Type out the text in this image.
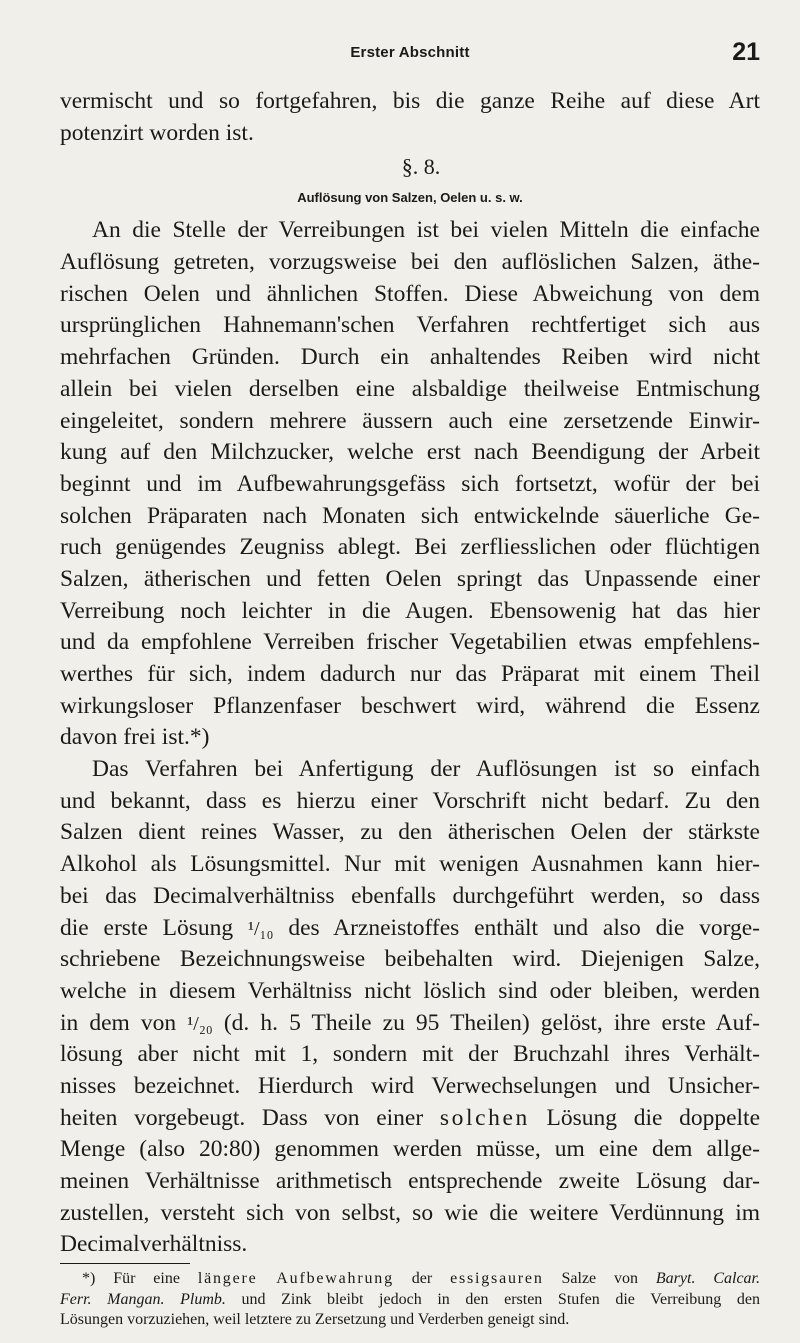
Erster Abschnitt	21
vermischt und so fortgefahren, bis die ganze Reihe auf diese Art
potenzirt worden ist.
§. 8.
Auflösung von Salzen, Oelen u. s. w.
An die Stelle der Verreibungen ist bei vielen Mitteln die einfache
Auflösung getreten, vorzugsweise bei den auflöslichen Salzen, äthe-
rischen Oelen und ähnlichen Stoffen. Diese Abweichung von dem
ursprünglichen Hahnemann'schen Verfahren rechtfertiget sich aus
mehrfachen Gründen. Durch ein anhaltendes Reiben wird nicht
allein bei vielen derselben eine alsbaldige theilweise Entmischung
eingeleitet, sondern mehrere äussern auch eine zersetzende Einwir-
kung auf den Milchzucker, welche erst nach Beendigung der Arbeit
beginnt und im Aufbewahrungsgefäss sich fortsetzt, wofür der bei
solchen Präparaten nach Monaten sich entwickelnde säuerliche Ge-
ruch genügendes Zeugniss ablegt. Bei zerfliesslichen oder flüchtigen
Salzen, ätherischen und fetten Oelen springt das Unpassende einer
Verreibung noch leichter in die Augen. Ebensowenig hat das hier
und da empfohlene Verreiben frischer Vegetabilien etwas empfehlens-
werthes für sich, indem dadurch nur das Präparat mit einem Theil
wirkungsloser Pflanzenfaser beschwert wird, während die Essenz
davon frei ist.*)
Das Verfahren bei Anfertigung der Auflösungen ist so einfach
und bekannt, dass es hierzu einer Vorschrift nicht bedarf. Zu den
Salzen dient reines Wasser, zu den ätherischen Oelen der stärkste
Alkohol als Lösungsmittel. Nur mit wenigen Ausnahmen kann hier-
bei das Decimalverhältniss ebenfalls durchgeführt werden, so dass
die erste Lösung ¹/₁₀ des Arzneistoffes enthält und also die vorge-
schriebene Bezeichnungsweise beibehalten wird. Diejenigen Salze,
welche in diesem Verhältniss nicht löslich sind oder bleiben, werden
in dem von ¹/₂₀ (d. h. 5 Theile zu 95 Theilen) gelöst, ihre erste Auf-
lösung aber nicht mit 1, sondern mit der Bruchzahl ihres Verhält-
nisses bezeichnet. Hierdurch wird Verwechselungen und Unsicher-
heiten vorgebeugt. Dass von einer solchen Lösung die doppelte
Menge (also 20:80) genommen werden müsse, um eine dem allge-
meinen Verhältnisse arithmetisch entsprechende zweite Lösung dar-
zustellen, versteht sich von selbst, so wie die weitere Verdünnung im
Decimalverhältniss.
*) Für eine längere Aufbewahrung der essigsauren Salze von Baryt. Calcar.
Ferr. Mangan. Plumb. und Zink bleibt jedoch in den ersten Stufen die Verreibung den
Lösungen vorzuziehen, weil letztere zu Zersetzung und Verderben geneigt sind.
